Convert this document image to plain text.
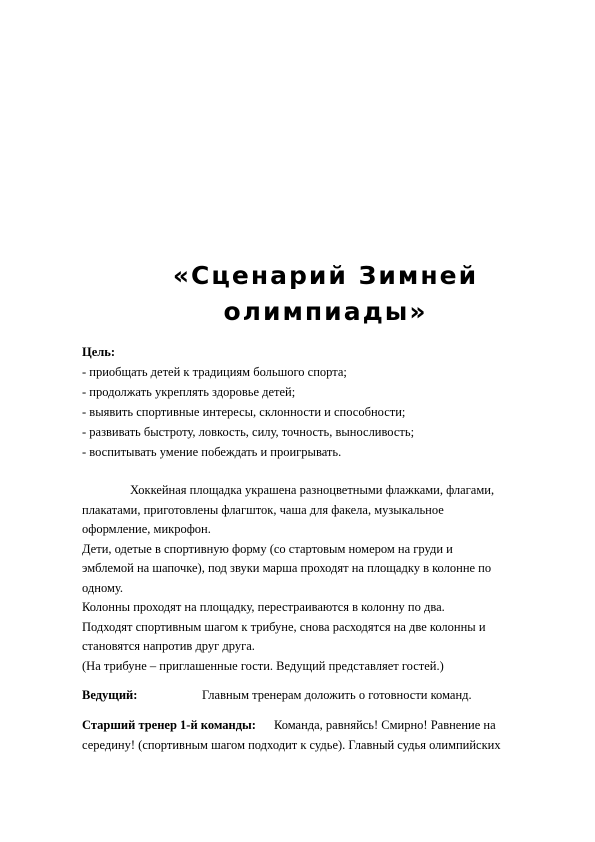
«Сценарий Зимней
олимпиады»
Цель:
- приобщать детей к традициям большого спорта;
- продолжать укреплять здоровье детей;
- выявить спортивные интересы, склонности и способности;
- развивать быстроту, ловкость, силу, точность, выносливость;
- воспитывать умение побеждать и проигрывать.
Хоккейная площадка украшена разноцветными флажками, флагами,
плакатами, приготовлены флагшток, чаша для факела, музыкальное
оформление, микрофон.
Дети, одетые в спортивную форму (со стартовым номером на груди и
эмблемой на шапочке), под звуки марша проходят на площадку в колонне по
одному.
Колонны проходят на площадку, перестраиваются в колонну по два.
Подходят спортивным шагом к трибуне, снова расходятся на две колонны и
становятся напротив друг друга.
(На трибуне – приглашенные гости. Ведущий представляет гостей.)
Ведущий:	Главным тренерам доложить о готовности команд.
Старший тренер 1-й команды: Команда, равняйсь! Смирно! Равнение на
середину! (спортивным шагом подходит к судье). Главный судья олимпийских
